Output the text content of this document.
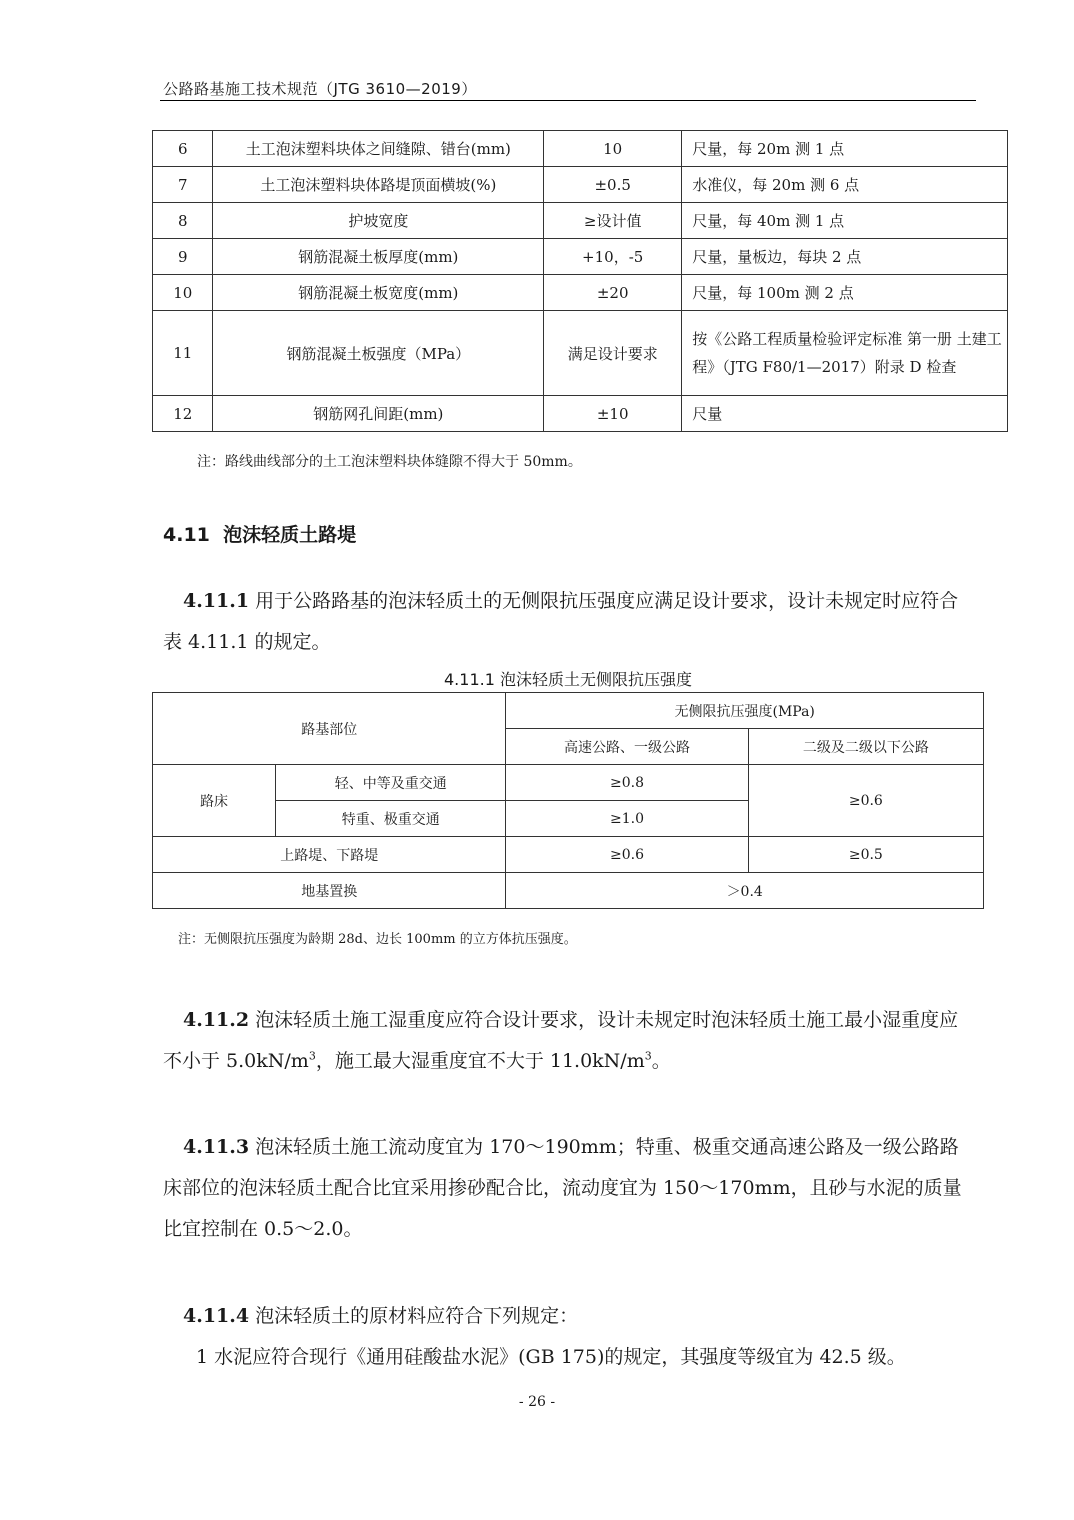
公路路基施工技术规范（JTG 3610—2019）
6	土工泡沫塑料块体之间缝隙、错台(mm)	10	尺量，每 20m 测 1 点
7	土工泡沫塑料块体路堤顶面横坡(%)	±0.5	水准仪，每 20m 测 6 点
8	护坡宽度	≥设计值	尺量，每 40m 测 1 点
9	钢筋混凝土板厚度(mm)	+10，-5	尺量，量板边，每块 2 点
10	钢筋混凝土板宽度(mm)	±20	尺量，每 100m 测 2 点
11	钢筋混凝土板强度（MPa）	满足设计要求	按《公路工程质量检验评定标准 第一册 土建工程》（JTG F80/1—2017）附录 D 检查
12	钢筋网孔间距(mm)	±10	尺量
注：路线曲线部分的土工泡沫塑料块体缝隙不得大于 50mm。
4.11 泡沫轻质土路堤
4.11.1 用于公路路基的泡沫轻质土的无侧限抗压强度应满足设计要求，设计未规定时应符合表 4.11.1 的规定。
4.11.1 泡沫轻质土无侧限抗压强度
路基部位		无侧限抗压强度(MPa)	
		高速公路、一级公路	二级及二级以下公路
路床	轻、中等及重交通	≥0.8	≥0.6
	特重、极重交通	≥1.0	
上路堤、下路堤		≥0.6	≥0.5
地基置换		＞0.4	
注：无侧限抗压强度为龄期 28d、边长 100mm 的立方体抗压强度。
4.11.2 泡沫轻质土施工湿重度应符合设计要求，设计未规定时泡沫轻质土施工最小湿重度应不小于 $5.0kN/m^3$，施工最大湿重度宜不大于 $11.0kN/m^3$。
4.11.3 泡沫轻质土施工流动度宜为 170～190mm；特重、极重交通高速公路及一级公路路床部位的泡沫轻质土配合比宜采用掺砂配合比，流动度宜为 150～170mm，且砂与水泥的质量比宜控制在 0.5～2.0。
4.11.4 泡沫轻质土的原材料应符合下列规定：
1 水泥应符合现行《通用硅酸盐水泥》(GB 175)的规定，其强度等级宜为 42.5 级。
- 26 -
